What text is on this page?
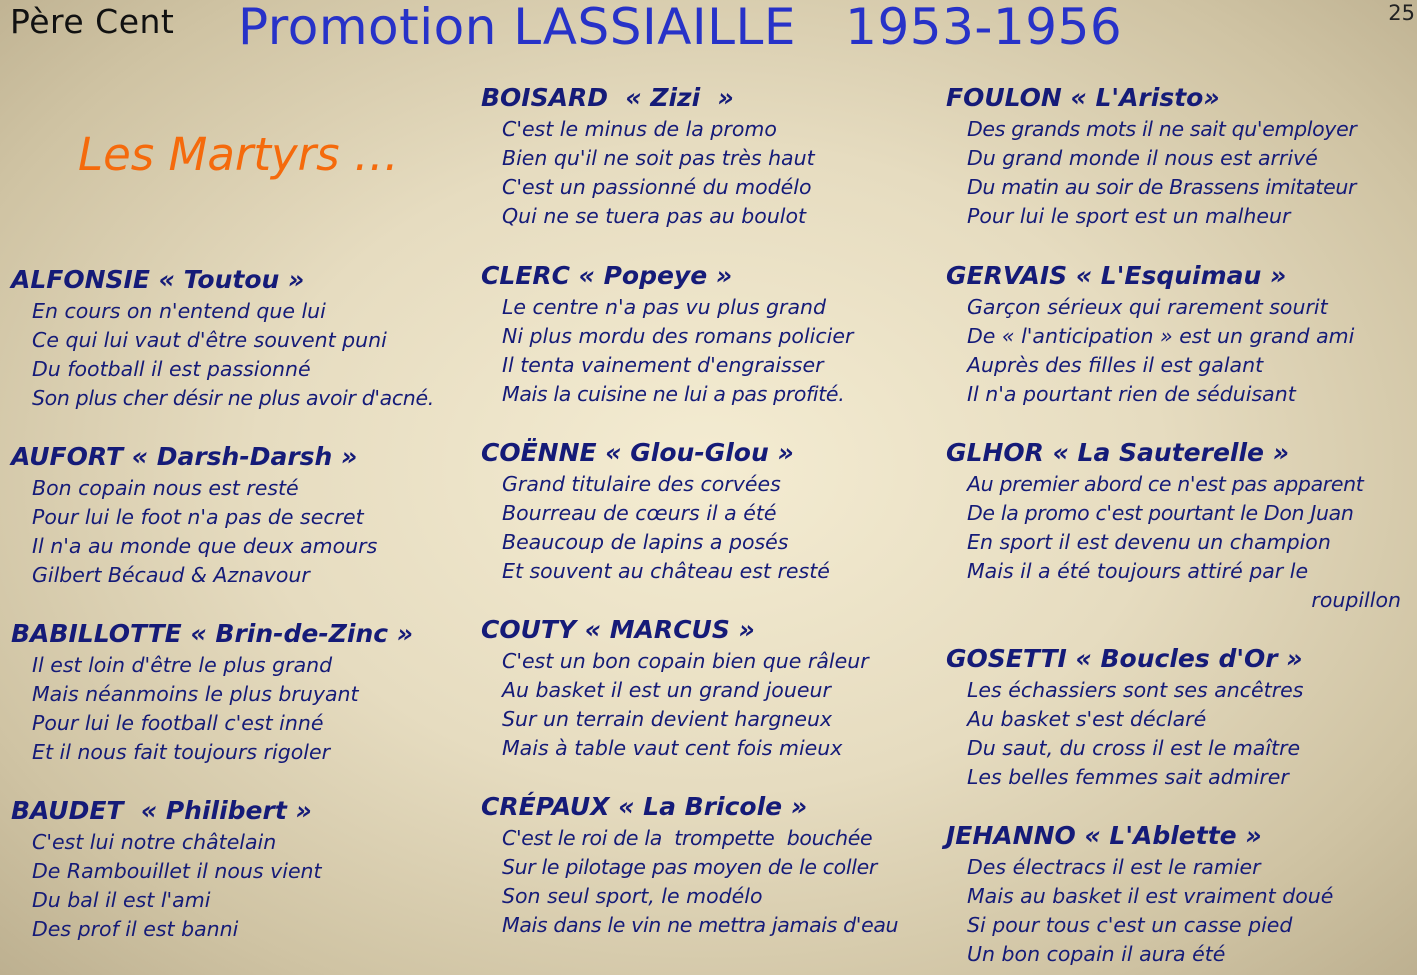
Père Cent	25
Promotion LASSIAILLE   1953-1956
Les Martyrs …
ALFONSIE « Toutou »
En cours on n'entend que lui
Ce qui lui vaut d'être souvent puni
Du football il est passionné
Son plus cher désir ne plus avoir d'acné.
AUFORT « Darsh-Darsh »
Bon copain nous est resté
Pour lui le foot n'a pas de secret
Il n'a au monde que deux amours
Gilbert Bécaud & Aznavour
BABILLOTTE « Brin-de-Zinc »
Il est loin d'être le plus grand
Mais néanmoins le plus bruyant
Pour lui le football c'est inné
Et il nous fait toujours rigoler
BAUDET  « Philibert »
C'est lui notre châtelain
De Rambouillet il nous vient
Du bal il est l'ami
Des prof il est banni
BOISARD  « Zizi  »
C'est le minus de la promo
Bien qu'il ne soit pas très haut
C'est un passionné du modélo
Qui ne se tuera pas au boulot
CLERC « Popeye »
Le centre n'a pas vu plus grand
Ni plus mordu des romans policier
Il tenta vainement d'engraisser
Mais la cuisine ne lui a pas profité.
COËNNE « Glou-Glou »
Grand titulaire des corvées
Bourreau de cœurs il a été
Beaucoup de lapins a posés
Et souvent au château est resté
COUTY « MARCUS »
C'est un bon copain bien que râleur
Au basket il est un grand joueur
Sur un terrain devient hargneux
Mais à table vaut cent fois mieux
CRÉPAUX « La Bricole »
C'est le roi de la  trompette  bouchée
Sur le pilotage pas moyen de le coller
Son seul sport, le modélo
Mais dans le vin ne mettra jamais d'eau
FOULON « L'Aristo»
Des grands mots il ne sait qu'employer
Du grand monde il nous est arrivé
Du matin au soir de Brassens imitateur
Pour lui le sport est un malheur
GERVAIS « L'Esquimau »
Garçon sérieux qui rarement sourit
De « l'anticipation » est un grand ami
Auprès des filles il est galant
Il n'a pourtant rien de séduisant
GLHOR « La Sauterelle »
Au premier abord ce n'est pas apparent
De la promo c'est pourtant le Don Juan
En sport il est devenu un champion
Mais il a été toujours attiré par le
roupillon
GOSETTI « Boucles d'Or »
Les échassiers sont ses ancêtres
Au basket s'est déclaré
Du saut, du cross il est le maître
Les belles femmes sait admirer
JEHANNO « L'Ablette »
Des électracs il est le ramier
Mais au basket il est vraiment doué
Si pour tous c'est un casse pied
Un bon copain il aura été
